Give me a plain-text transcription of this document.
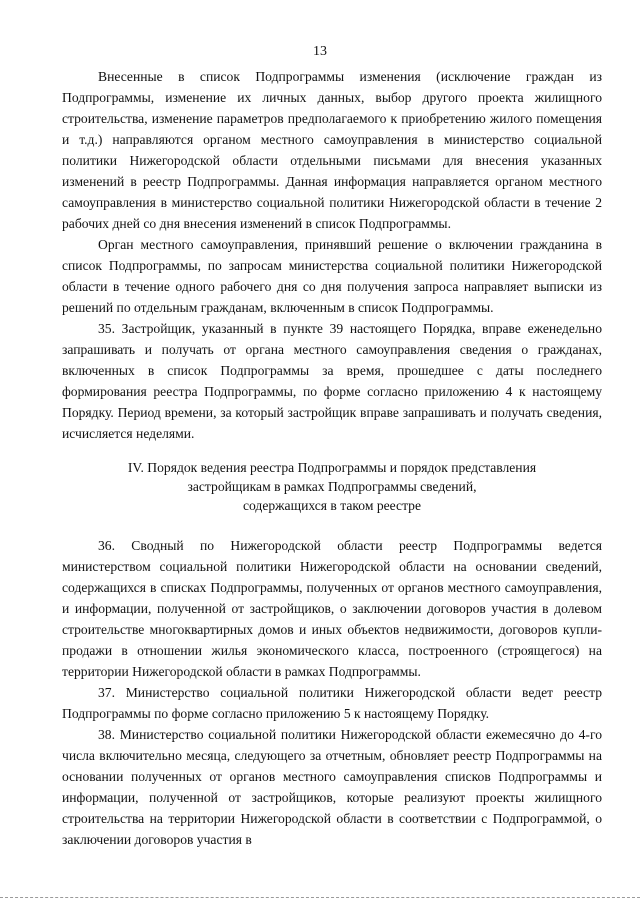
13

Внесенные в список Подпрограммы изменения (исключение граждан из Подпрограммы, изменение их личных данных, выбор другого проекта жилищного строительства, изменение параметров предполагаемого к приобретению жилого помещения и т.д.) направляются органом местного самоуправления в министерство социальной политики Нижегородской области отдельными письмами для внесения указанных изменений в реестр Подпрограммы. Данная информация направляется органом местного самоуправления в министерство социальной политики Нижегородской области в течение 2 рабочих дней со дня внесения изменений в список Подпрограммы.

Орган местного самоуправления, принявший решение о включении гражданина в список Подпрограммы, по запросам министерства социальной политики Нижегородской области в течение одного рабочего дня со дня получения запроса направляет выписки из решений по отдельным гражданам, включенным в список Подпрограммы.

35. Застройщик, указанный в пункте 39 настоящего Порядка, вправе еженедельно запрашивать и получать от органа местного самоуправления сведения о гражданах, включенных в список Подпрограммы за время, прошедшее с даты последнего формирования реестра Подпрограммы, по форме согласно приложению 4 к настоящему Порядку. Период времени, за который застройщик вправе запрашивать и получать сведения, исчисляется неделями.

IV. Порядок ведения реестра Подпрограммы и порядок представления
застройщикам в рамках Подпрограммы сведений,
содержащихся в таком реестре

36. Сводный по Нижегородской области реестр Подпрограммы ведется министерством социальной политики Нижегородской области на основании сведений, содержащихся в списках Подпрограммы, полученных от органов местного самоуправления, и информации, полученной от застройщиков, о заключении договоров участия в долевом строительстве многоквартирных домов и иных объектов недвижимости, договоров купли-продажи в отношении жилья экономического класса, построенного (строящегося) на территории Нижегородской области в рамках Подпрограммы.

37. Министерство социальной политики Нижегородской области ведет реестр Подпрограммы по форме согласно приложению 5 к настоящему Порядку.

38. Министерство социальной политики Нижегородской области ежемесячно до 4-го числа включительно месяца, следующего за отчетным, обновляет реестр Подпрограммы на основании полученных от органов местного самоуправления списков Подпрограммы и информации, полученной от застройщиков, которые реализуют проекты жилищного строительства на территории Нижегородской области в соответствии с Подпрограммой, о заключении договоров участия в
